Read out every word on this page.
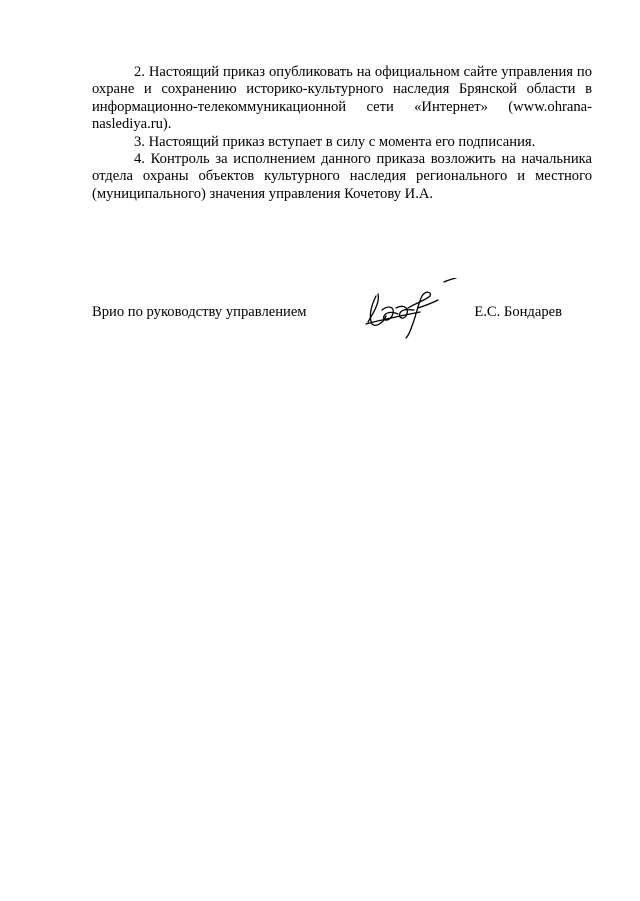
2. Настоящий приказ опубликовать на официальном сайте управления по охране и сохранению историко-культурного наследия Брянской области в информационно-телекоммуникационной сети «Интернет» (www.ohrana-naslediya.ru).

3. Настоящий приказ вступает в силу с момента его подписания.

4. Контроль за исполнением данного приказа возложить на начальника отдела охраны объектов культурного наследия регионального и местного (муниципального) значения управления Кочетову И.А.

Врио по руководству управлением	Е.С. Бондарев
